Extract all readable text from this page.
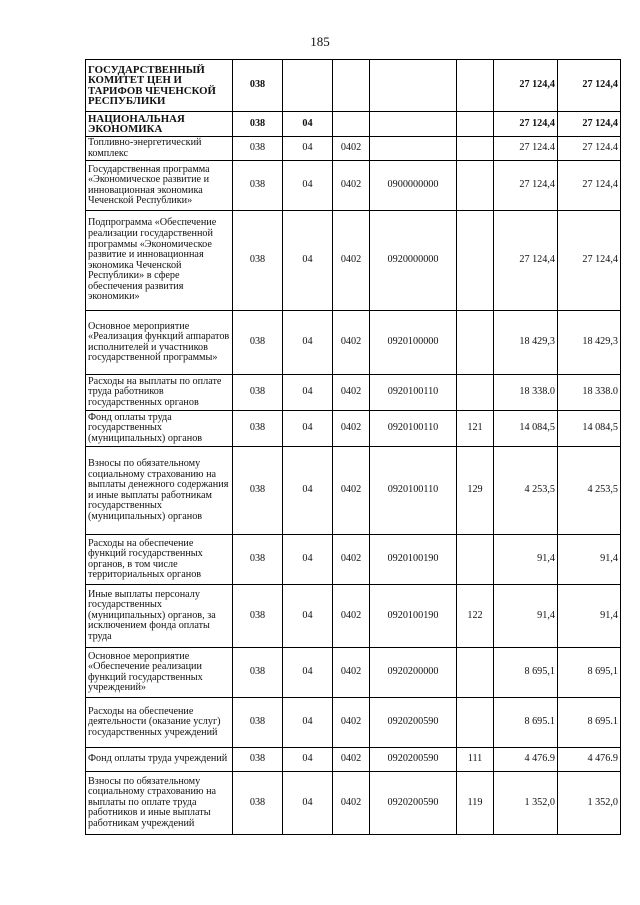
185
ГОСУДАРСТВЕННЫЙ КОМИТЕТ ЦЕН И ТАРИФОВ ЧЕЧЕНСКОЙ РЕСПУБЛИКИ	038					27 124,4	27 124,4
НАЦИОНАЛЬНАЯ ЭКОНОМИКА	038	04				27 124,4	27 124,4
Топливно-энергетический комплекс	038	04	0402			27 124.4	27 124.4
Государственная программа «Экономическое развитие и инновационная экономика Чеченской Республики»	038	04	0402	0900000000		27 124,4	27 124,4
Подпрограмма «Обеспечение реализации государственной программы «Экономическое развитие и инновационная экономика Чеченской Республики» в сфере обеспечения развития экономики»	038	04	0402	0920000000		27 124,4	27 124,4
Основное мероприятие «Реализация функций аппаратов исполнителей и участников государственной программы»	038	04	0402	0920100000		18 429,3	18 429,3
Расходы на выплаты по оплате труда работников государственных органов	038	04	0402	0920100110		18 338.0	18 338.0
Фонд оплаты труда государственных (муниципальных) органов	038	04	0402	0920100110	121	14 084,5	14 084,5
Взносы по обязательному социальному страхованию на выплаты денежного содержания и иные выплаты работникам государственных (муниципальных) органов	038	04	0402	0920100110	129	4 253,5	4 253,5
Расходы на обеспечение функций государственных органов, в том числе территориальных органов	038	04	0402	0920100190		91,4	91,4
Иные выплаты персоналу государственных (муниципальных) органов, за исключением фонда оплаты труда	038	04	0402	0920100190	122	91,4	91,4
Основное мероприятие «Обеспечение реализации функций государственных учреждений»	038	04	0402	0920200000		8 695,1	8 695,1
Расходы на обеспечение деятельности (оказание услуг) государственных учреждений	038	04	0402	0920200590		8 695.1	8 695.1
Фонд оплаты труда учреждений	038	04	0402	0920200590	111	4 476.9	4 476.9
Взносы по обязательному социальному страхованию на выплаты по оплате труда работников и иные выплаты работникам учреждений	038	04	0402	0920200590	119	1 352,0	1 352,0
